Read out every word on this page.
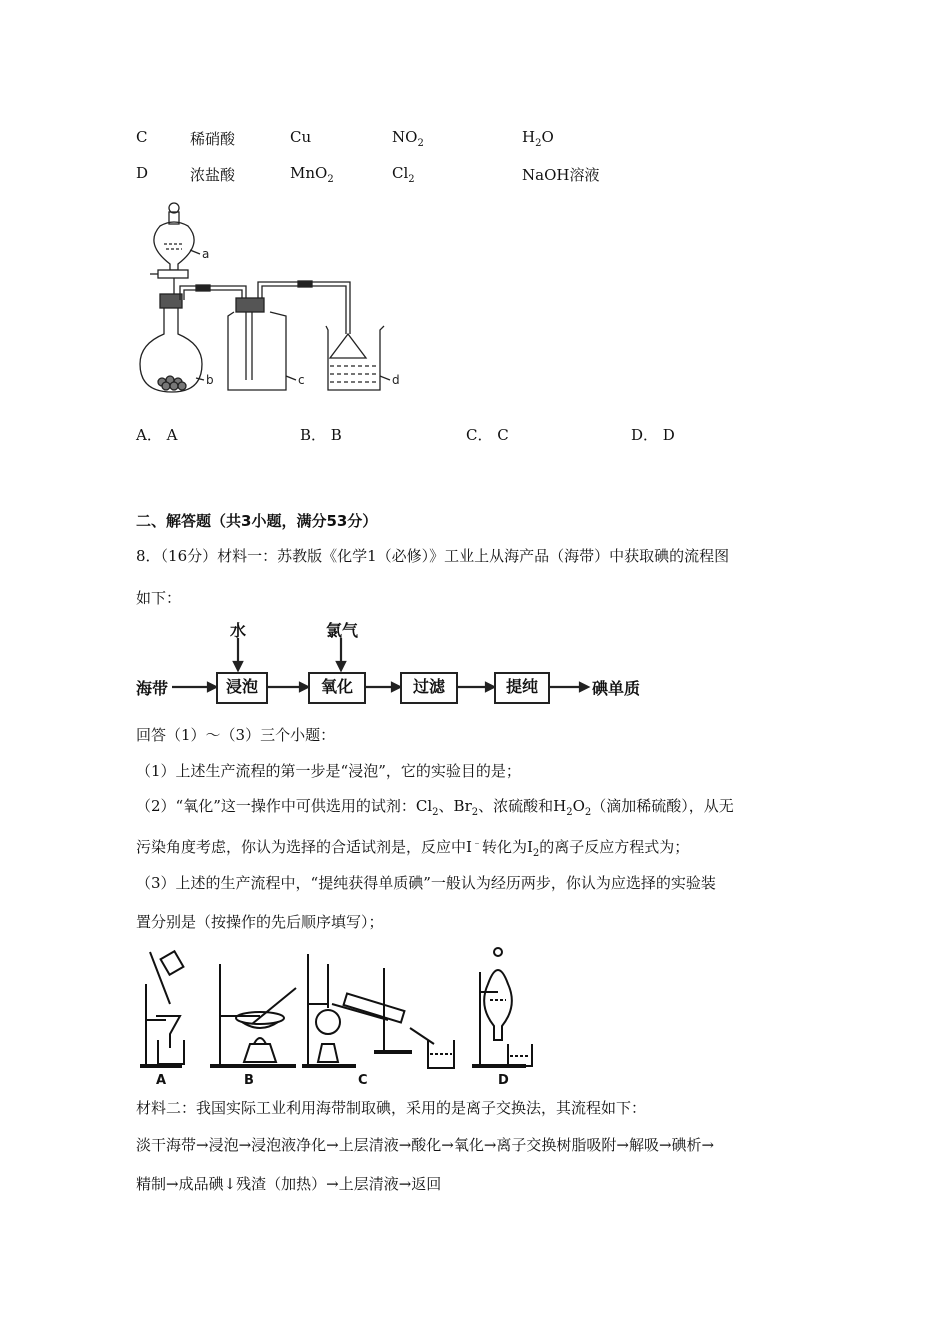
C	稀硝酸	Cu	$NO_2$	$H_2O$
D	浓盐酸	MnO$_2$	$Cl_2$	NaOH溶液
a
b	c	d
A． A	B． B	C． C	D． D
二、解答题（共3小题，满分53分）
8．（16分）材料一：苏教版《化学1（必修）》工业上从海产品（海带）中获取碘的流程图
如下：
海带
水	氯气
浸泡	氧化	过滤	提纯	碘单质
回答（1）～（3）三个小题：
（1）上述生产流程的第一步是“浸泡”，它的实验目的是；
（2）“氧化”这一操作中可供选用的试剂：$Cl_2$、$Br_2$、浓硫酸和$H_2O_2$（滴加稀硫酸），从无
污染角度考虑，你认为选择的合适试剂是，反应中I﹣转化为$I_2$的离子反应方程式为；
（3）上述的生产流程中，“提纯获得单质碘”一般认为经历两步，你认为应选择的实验装
置分别是（按操作的先后顺序填写）；
A	B	C	D
材料二：我国实际工业利用海带制取碘，采用的是离子交换法，其流程如下：
淡干海带→浸泡→浸泡液净化→上层清液→酸化→氧化→离子交换树脂吸附→解吸→碘析→
精制→成品碘↓残渣（加热）→上层清液→返回
